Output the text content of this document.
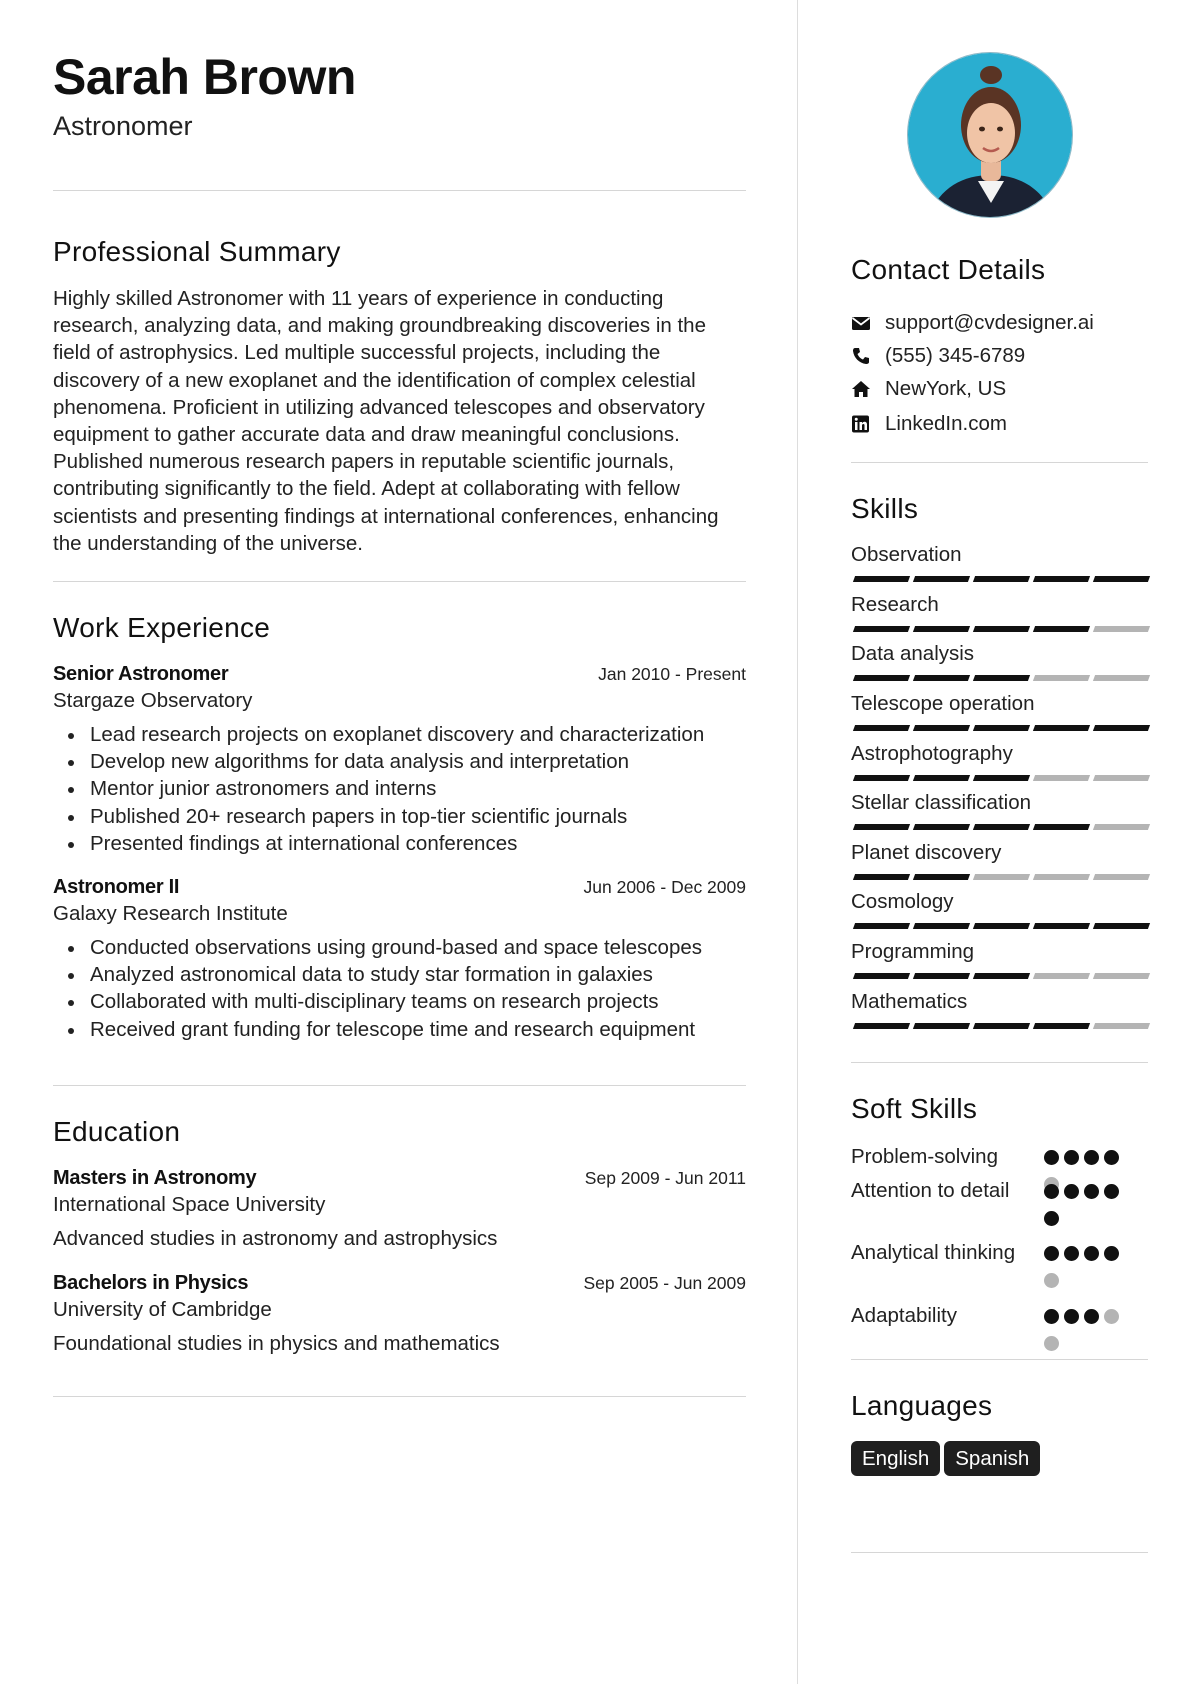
Sarah Brown
Astronomer
Professional Summary
Highly skilled Astronomer with 11 years of experience in conducting research, analyzing data, and making groundbreaking discoveries in the field of astrophysics. Led multiple successful projects, including the discovery of a new exoplanet and the identification of complex celestial phenomena. Proficient in utilizing advanced telescopes and observatory equipment to gather accurate data and draw meaningful conclusions. Published numerous research papers in reputable scientific journals, contributing significantly to the field. Adept at collaborating with fellow scientists and presenting findings at international conferences, enhancing the understanding of the universe.
Work Experience
Senior Astronomer	Jan 2010 - Present
Stargaze Observatory
Lead research projects on exoplanet discovery and characterization
Develop new algorithms for data analysis and interpretation
Mentor junior astronomers and interns
Published 20+ research papers in top-tier scientific journals
Presented findings at international conferences
Astronomer II	Jun 2006 - Dec 2009
Galaxy Research Institute
Conducted observations using ground-based and space telescopes
Analyzed astronomical data to study star formation in galaxies
Collaborated with multi-disciplinary teams on research projects
Received grant funding for telescope time and research equipment
Education
Masters in Astronomy	Sep 2009 - Jun 2011
International Space University
Advanced studies in astronomy and astrophysics
Bachelors in Physics	Sep 2005 - Jun 2009
University of Cambridge
Foundational studies in physics and mathematics
Contact Details
support@cvdesigner.ai
(555) 345-6789
NewYork, US
LinkedIn.com
Skills
Observation
Research
Data analysis
Telescope operation
Astrophotography
Stellar classification
Planet discovery
Cosmology
Programming
Mathematics
Soft Skills
Problem-solving
Attention to detail
Analytical thinking
Adaptability
Languages
English Spanish
